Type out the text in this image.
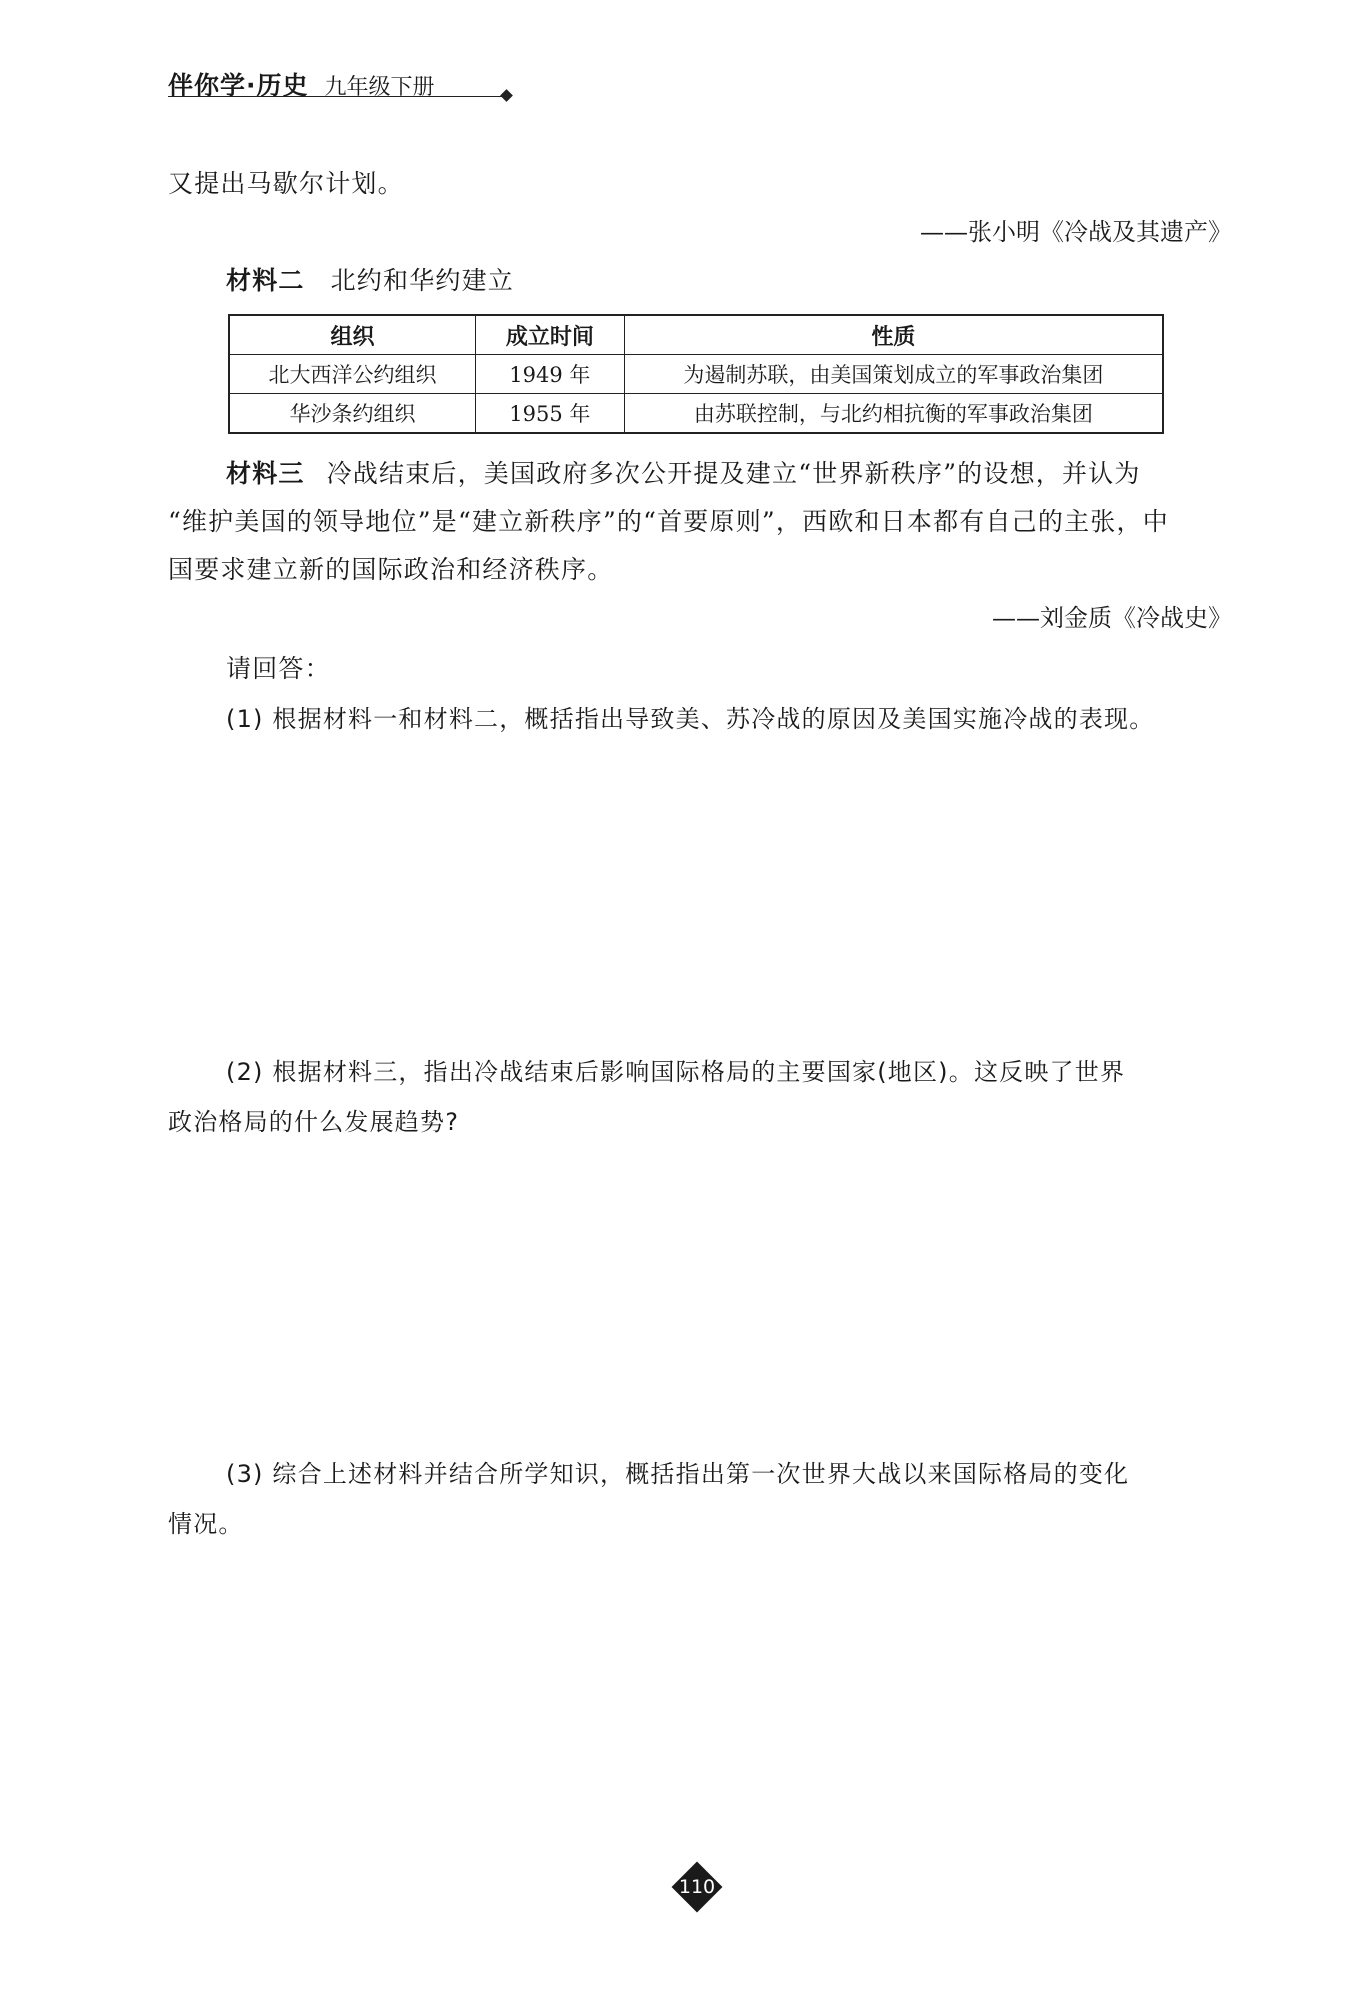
伴你学·历史 九年级下册
又提出马歇尔计划。
——张小明《冷战及其遗产》
材料二 北约和华约建立
组织	成立时间	性质
北大西洋公约组织	1949 年	为遏制苏联，由美国策划成立的军事政治集团
华沙条约组织	1955 年	由苏联控制，与北约相抗衡的军事政治集团
材料三 冷战结束后，美国政府多次公开提及建立“世界新秩序”的设想，并认为
“维护美国的领导地位”是“建立新秩序”的“首要原则”，西欧和日本都有自己的主张，中
国要求建立新的国际政治和经济秩序。
——刘金质《冷战史》
请回答：
(1) 根据材料一和材料二，概括指出导致美、苏冷战的原因及美国实施冷战的表现。
(2) 根据材料三，指出冷战结束后影响国际格局的主要国家(地区)。这反映了世界
政治格局的什么发展趋势?
(3) 综合上述材料并结合所学知识，概括指出第一次世界大战以来国际格局的变化
情况。
110
